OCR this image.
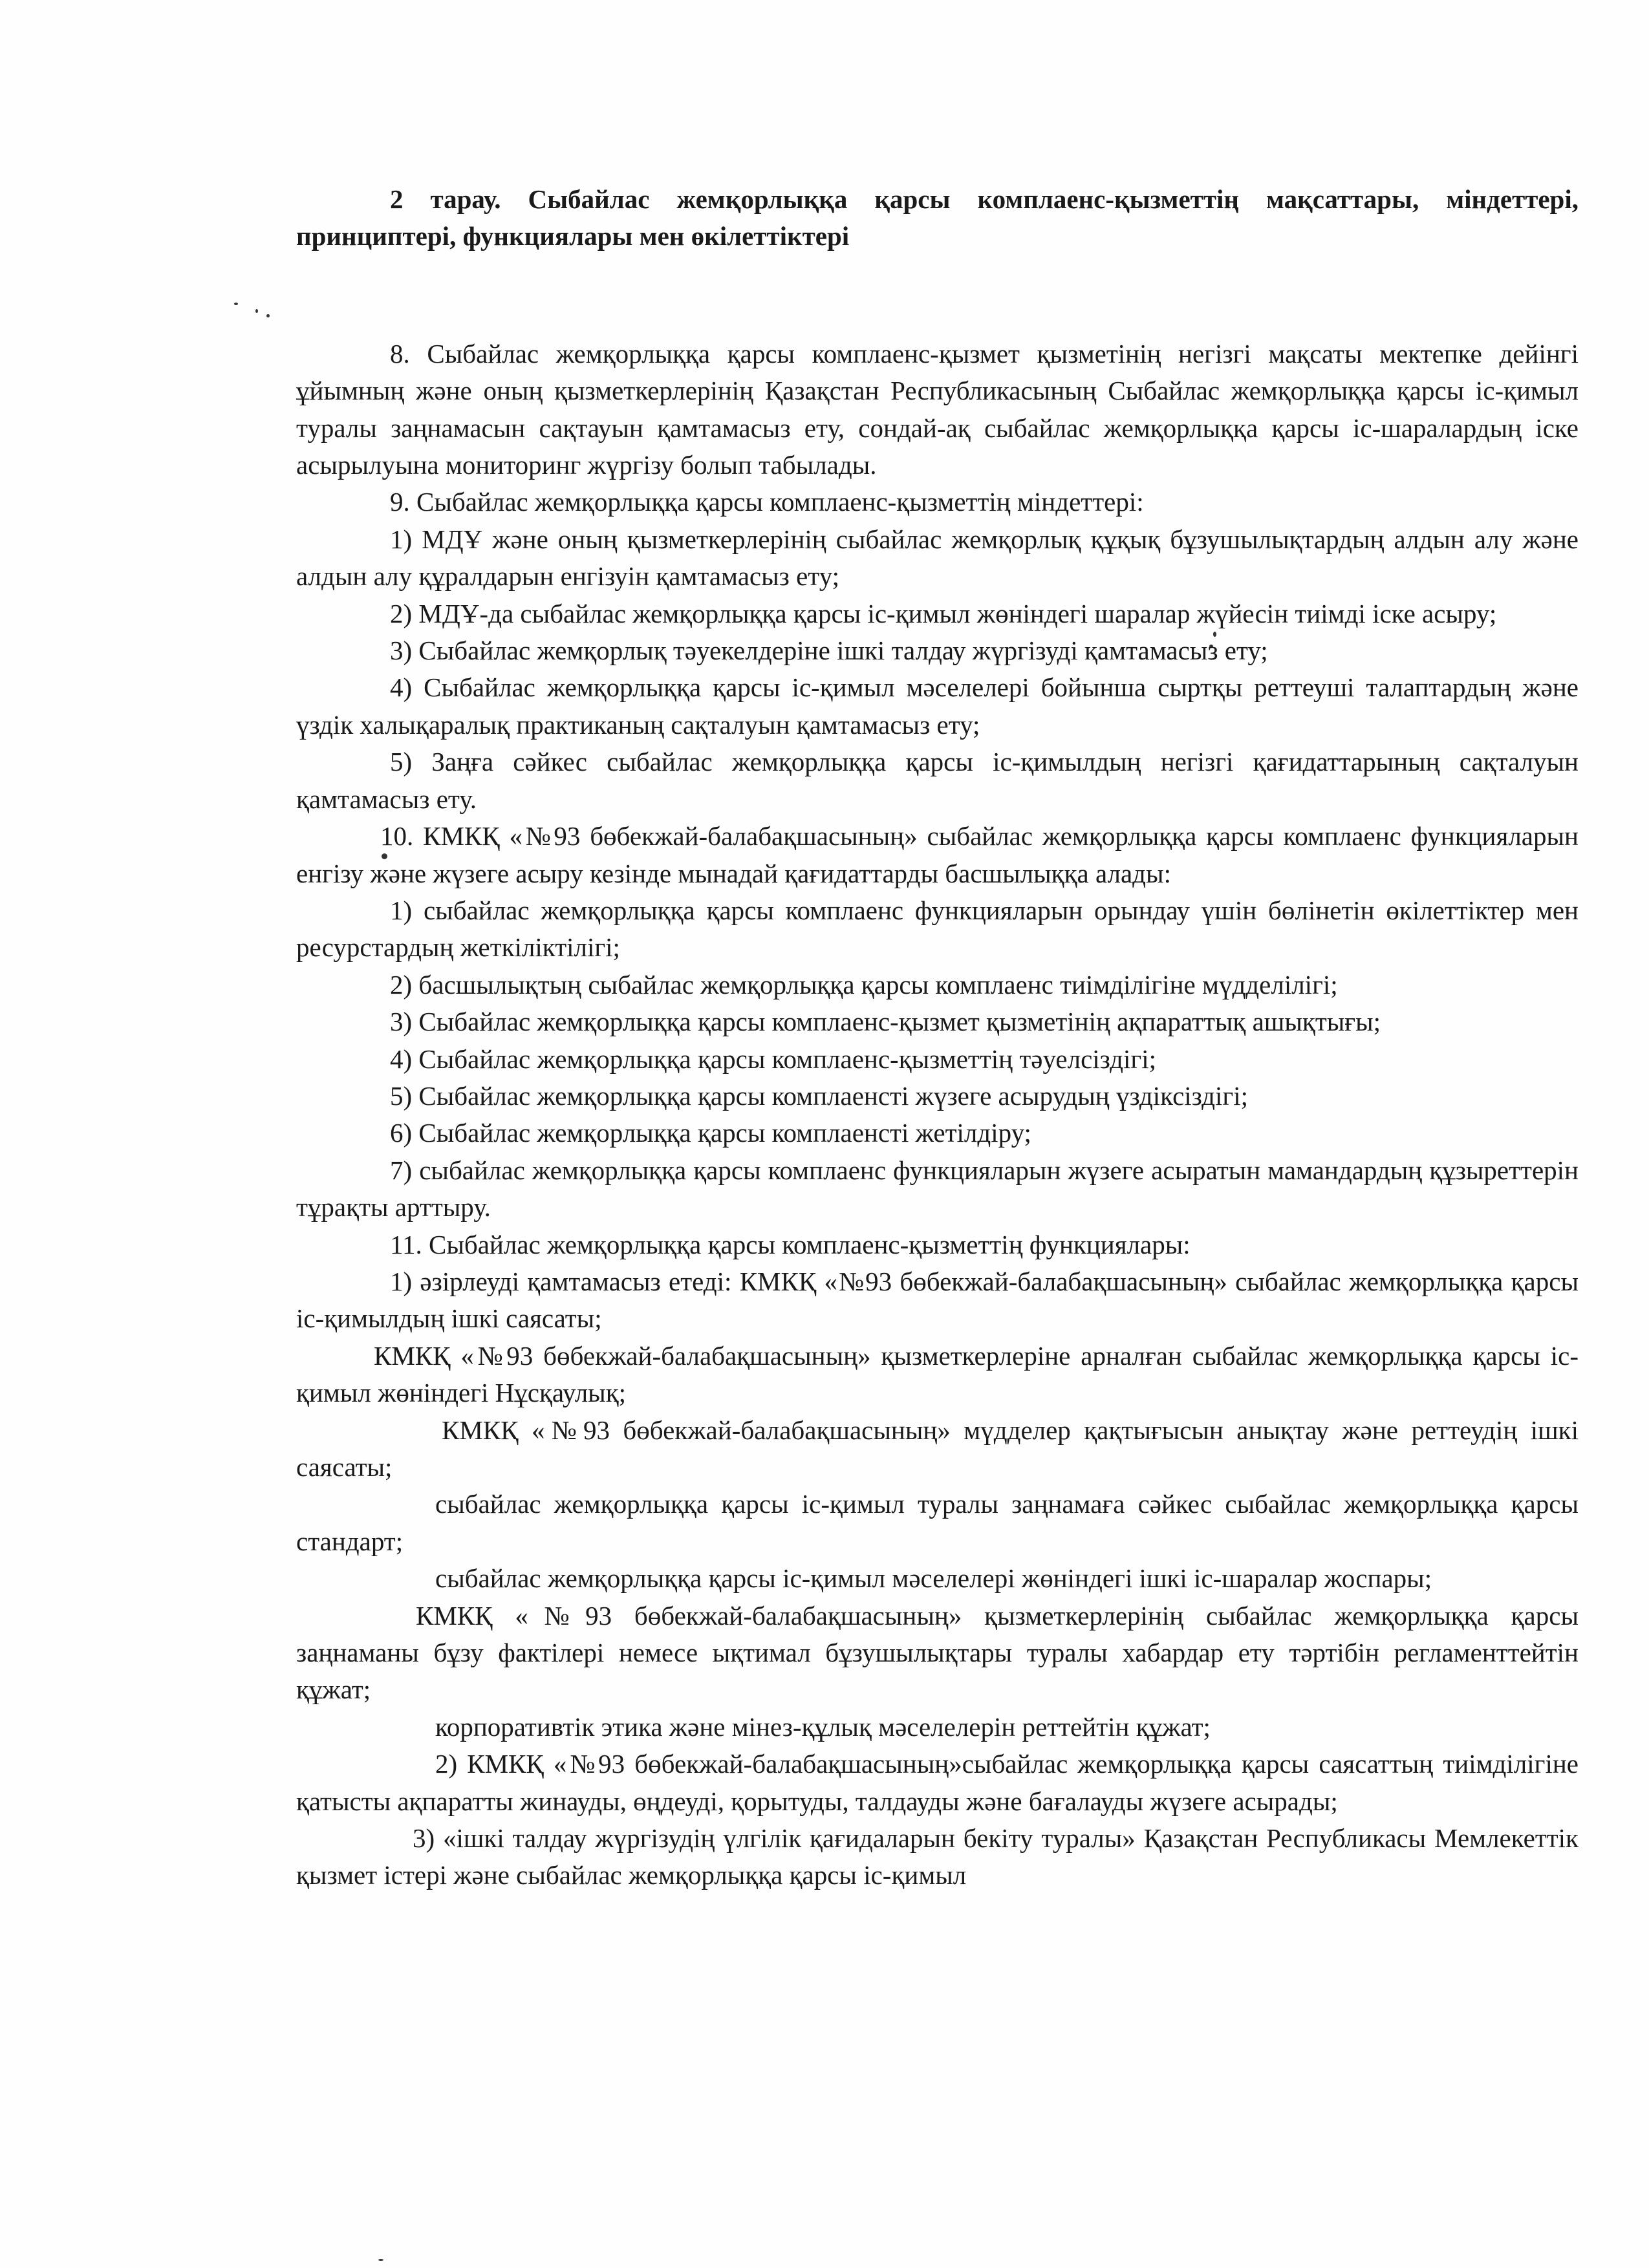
2 тарау. Сыбайлас жемқорлыққа қарсы комплаенс-қызметтің мақсаттары, міндеттері, принциптері, функциялары мен өкілеттіктері

8. Сыбайлас жемқорлыққа қарсы комплаенс-қызмет қызметінің негізгі мақсаты мектепке дейінгі ұйымның және оның қызметкерлерінің Қазақстан Республикасының Сыбайлас жемқорлыққа қарсы іс-қимыл туралы заңнамасын сақтауын қамтамасыз ету, сондай-ақ сыбайлас жемқорлыққа қарсы іс-шаралардың іске асырылуына мониторинг жүргізу болып табылады.

9. Сыбайлас жемқорлыққа қарсы комплаенс-қызметтің міндеттері:

1) МДҰ және оның қызметкерлерінің сыбайлас жемқорлық құқық бұзушылықтардың алдын алу және алдын алу құралдарын енгізуін қамтамасыз ету;

2) МДҰ-да сыбайлас жемқорлыққа қарсы іс-қимыл жөніндегі шаралар жүйесін тиімді іске асыру;

3) Сыбайлас жемқорлық тәуекелдеріне ішкі талдау жүргізуді қамтамасыз ету;

4) Сыбайлас жемқорлыққа қарсы іс-қимыл мәселелері бойынша сыртқы реттеуші талаптардың және үздік халықаралық практиканың сақталуын қамтамасыз ету;

5) Заңға сәйкес сыбайлас жемқорлыққа қарсы іс-қимылдың негізгі қағидаттарының сақталуын қамтамасыз ету.

10. КМКҚ «№93 бөбекжай-балабақшасының» сыбайлас жемқорлыққа қарсы комплаенс функцияларын енгізу және жүзеге асыру кезінде мынадай қағидаттарды басшылыққа алады:

1) сыбайлас жемқорлыққа қарсы комплаенс функцияларын орындау үшін бөлінетін өкілеттіктер мен ресурстардың жеткіліктілігі;

2) басшылықтың сыбайлас жемқорлыққа қарсы комплаенс тиімділігіне мүдделілігі;

3) Сыбайлас жемқорлыққа қарсы комплаенс-қызмет қызметінің ақпараттық ашықтығы;

4) Сыбайлас жемқорлыққа қарсы комплаенс-қызметтің тәуелсіздігі;

5) Сыбайлас жемқорлыққа қарсы комплаенсті жүзеге асырудың үздіксіздігі;

6) Сыбайлас жемқорлыққа қарсы комплаенсті жетілдіру;

7) сыбайлас жемқорлыққа қарсы комплаенс функцияларын жүзеге асыратын мамандардың құзыреттерін тұрақты арттыру.

11. Сыбайлас жемқорлыққа қарсы комплаенс-қызметтің функциялары:

1) әзірлеуді қамтамасыз етеді: КМКҚ «№93 бөбекжай-балабақшасының» сыбайлас жемқорлыққа қарсы іс-қимылдың ішкі саясаты;

КМКҚ «№93 бөбекжай-балабақшасының» қызметкерлеріне арналған сыбайлас жемқорлыққа қарсы іс-қимыл жөніндегі Нұсқаулық;

КМКҚ «№93 бөбекжай-балабақшасының» мүдделер қақтығысын анықтау және реттеудің ішкі саясаты;

сыбайлас жемқорлыққа қарсы іс-қимыл туралы заңнамаға сәйкес сыбайлас жемқорлыққа қарсы стандарт;

сыбайлас жемқорлыққа қарсы іс-қимыл мәселелері жөніндегі ішкі іс-шаралар жоспары;

КМКҚ «№93 бөбекжай-балабақшасының» қызметкерлерінің сыбайлас жемқорлыққа қарсы заңнаманы бұзу фактілері немесе ықтимал бұзушылықтары туралы хабардар ету тәртібін регламенттейтін құжат;

корпоративтік этика және мінез-құлық мәселелерін реттейтін құжат;

2) КМКҚ «№93 бөбекжай-балабақшасының»сыбайлас жемқорлыққа қарсы саясаттың тиімділігіне қатысты ақпаратты жинауды, өңдеуді, қорытуды, талдауды және бағалауды жүзеге асырады;

3) «ішкі талдау жүргізудің үлгілік қағидаларын бекіту туралы» Қазақстан Республикасы Мемлекеттік қызмет істері және сыбайлас жемқорлыққа қарсы іс-қимыл
